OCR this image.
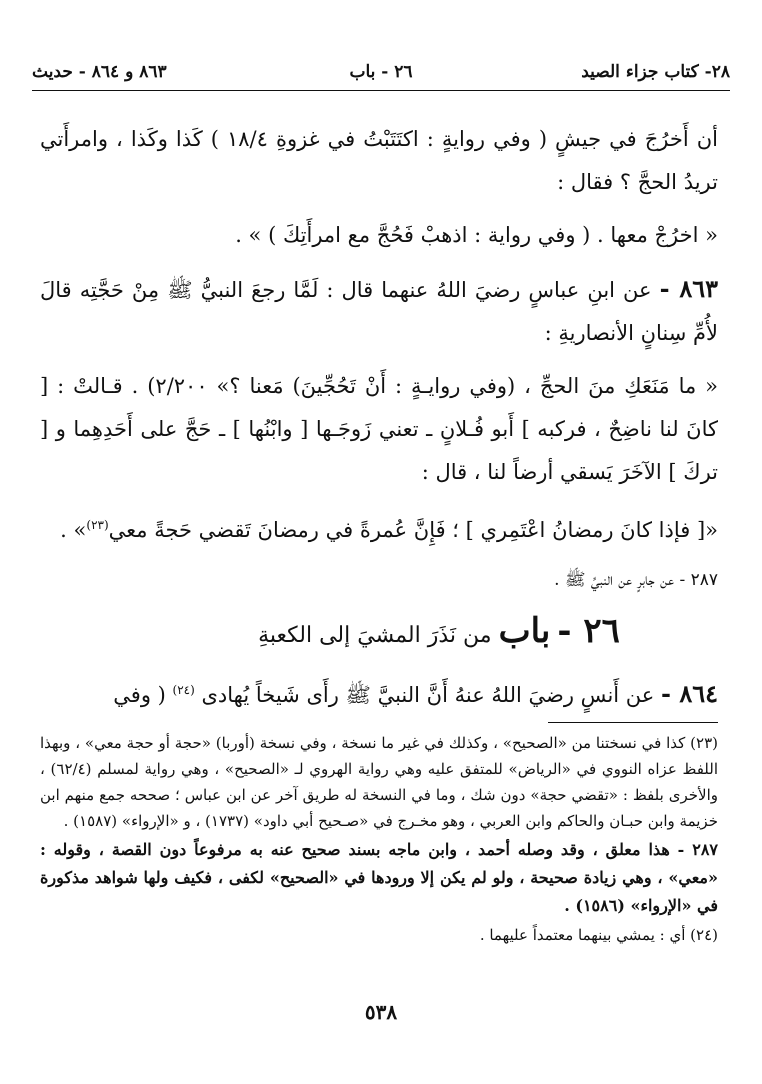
٢٨- كتاب جزاء الصيد
٢٦ - باب
٨٦٣ و ٨٦٤ - حديث

أن أَخرُجَ في جيشٍ ( وفي روايةٍ : اكتَتَبْتُ في غزوةِ ١٨/٤ ) كَذا وكَذا ، وامرأَتي تريدُ الحجَّ ؟ فقال :

« اخرُجْ معها . ( وفي رواية : اذهبْ فَحُجَّ مع امرأَتِكَ ) » .

٨٦٣ - عن ابنِ عباسٍ رضيَ اللهُ عنهما قال : لَمَّا رجعَ النبيُّ ﷺ مِنْ حَجَّتِه قالَ لأُمِّ سِنانٍ الأنصاريةِ :

« ما مَنَعَكِ منَ الحجِّ ، (وفي روايـةٍ : أَنْ تَحُجِّينَ) مَعنا ؟» ٢/٢٠٠) . قـالتْ : [ كانَ لنا ناضِحٌ ، فركبه ] أَبو فُـلانٍ ـ تعني زَوجَـها [ وابْنُها ] ـ حَجَّ على أَحَدِهِما و [ تركَ ] الآخَرَ يَسقي أرضاً لنا ، قال :

«[ فإذا كانَ رمضانُ اعْتَمِري ] ؛ فَإِنَّ عُمرةً في رمضانَ تَقضي حَجةً معي$^{(٢٣)}$» .

٢٨٧ - عن جابرٍ عن النبيِّ ﷺ .

٢٦ - باب من نَذَرَ المشيَ إلى الكعبةِ

٨٦٤ - عن أَنسٍ رضيَ اللهُ عنهُ أَنَّ النبيَّ ﷺ رأَى شَيخاً يُهادى $^{(٢٤)}$ ( وفي

(٢٣) كذا في نسختنا من «الصحيح» ، وكذلك في غير ما نسخة ، وفي نسخة (أوربا) «حجة أو حجة معي» ، وبهذا اللفظ عزاه النووي في «الرياض» للمتفق عليه وهي رواية الهروي لـ «الصحيح» ، وهي رواية لمسلم (٦٢/٤) ، والأخرى بلفظ : «تقضي حجة» دون شك ، وما في النسخة له طريق آخر عن ابن عباس ؛ صححه جمع منهم ابن خزيمة وابن حبـان والحاكم وابن العربي ، وهو مخـرج في «صـحيح أبي داود» (١٧٣٧) ، و «الإرواء» (١٥٨٧) .

٢٨٧ - هذا معلق ، وقد وصله أحمد ، وابن ماجه بسند صحيح عنه به مرفوعاً دون القصة ، وقوله : «معي» ، وهي زيادة صحيحة ، ولو لم يكن إلا ورودها في «الصحيح» لكفى ، فكيف ولها شواهد مذكورة في «الإرواء» (١٥٨٦) .

(٢٤) أي : يمشي بينهما معتمداً عليهما .

٥٣٨
